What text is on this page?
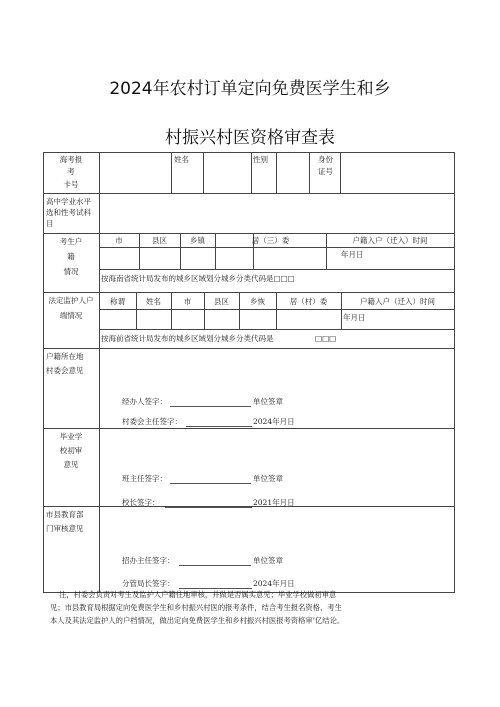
2024年农村订单定向免费医学生和乡
村振兴村医资格审查表
海考报
考
卡号
姓名	性别	身份
证号
高中学业水平选和性考试科目
考生户
籍
情况
市	县区	乡镇	居（三）委	户籍入户（迁入）时间
年月日
按海南省统计局发布的城乡区域划分城乡分类代码是□□□
法定监护人户
端情况
称谓	姓名	市	县区	乡恢	居（村）委	户籍入户（迁入）时间
年月日
按海前省统计局发布的城乡区域划分城乡分类代码是	□□□
户籍所在地
村委会意见
经办人签字：	单位签章
村委会主任签字：	2024年月日
毕业学
校初审
意见
班主任签字：	单位签章
校长签字：	2021年月日
市县教育部
门审核意见
招办主任签字：	单位签章
分管局长签字：	2024年月日

注，村委会负责对考生及监护人户籍住地审核，并做是否属实意见；毕业学校做初审意

见；市县教育局根据定向免费医学生和乡村振兴村医的报考条件，结合考生报名资格、考生

本人及其法定监护人的户档情况，做出定向免费医学生和乡村振兴村医报考资格审’亿结论。
